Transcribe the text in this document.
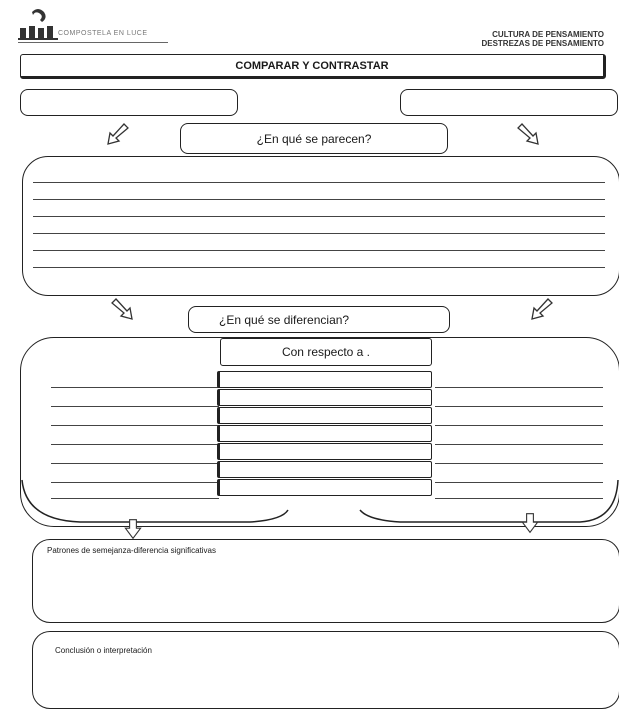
COMPOSTELA EN LUCE	CULTURA DE PENSAMIENTO
DESTREZAS DE PENSAMIENTO
COMPARAR Y CONTRASTAR
¿En qué se parecen?
¿En qué se diferencian?
Con respecto a .
Patrones de semejanza-diferencia significativas
Conclusión o interpretación
